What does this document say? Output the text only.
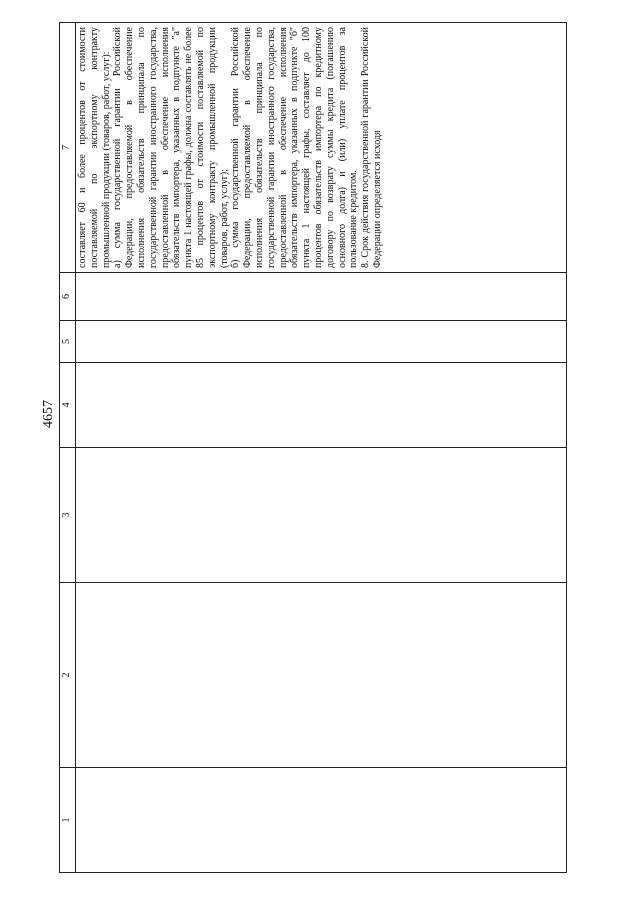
4657
1	2	3	4	5	6	7

						составляет 60 и более процентов от стоимости поставляемой по экспортному контракту промышленной продукции (товаров, работ, услуг): а) сумма государственной гарантии Российской Федерации, предоставляемой в обеспечение исполнения обязательств принципала по государственной гарантии иностранного государства, предоставленной в обеспечение исполнения обязательств импортера, указанных в подпункте "а" пункта 1 настоящей графы, должна составлять не более 85 процентов от стоимости поставляемой по экспортному контракту промышленной продукции (товаров, работ, услуг); б) сумма государственной гарантии Российской Федерации, предоставляемой в обеспечение исполнения обязательств принципала по государственной гарантии иностранного государства, предоставленной в обеспечение исполнения обязательств импортера, указанных в подпункте "б" пункта 1 настоящей графы, составляет до 100 процентов обязательств импортера по кредитному договору по возврату суммы кредита (погашению основного долга) и (или) уплате процентов за пользование кредитом. 8. Срок действия государственной гарантии Российской Федерации определяется исходя
